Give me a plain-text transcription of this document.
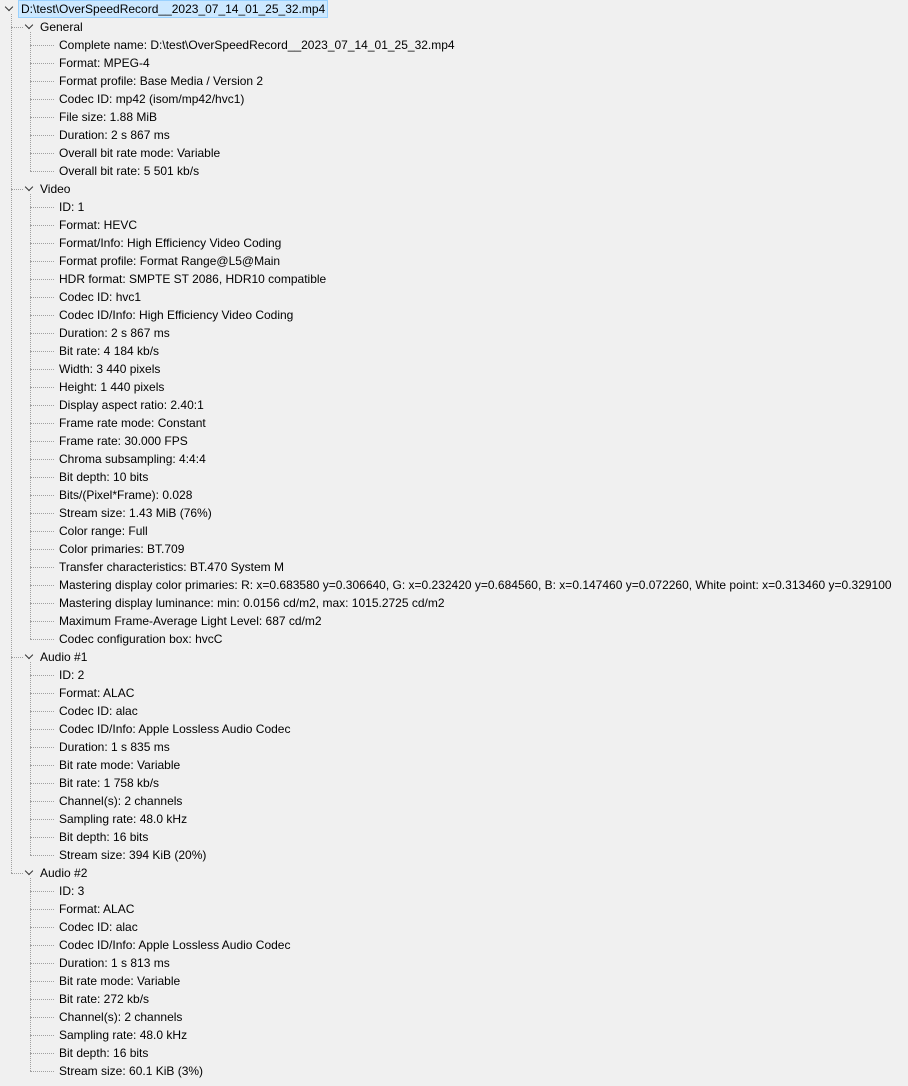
D:\test\OverSpeedRecord__2023_07_14_01_25_32.mp4
General
Complete name: D:\test\OverSpeedRecord__2023_07_14_01_25_32.mp4
Format: MPEG-4
Format profile: Base Media / Version 2
Codec ID: mp42 (isom/mp42/hvc1)
File size: 1.88 MiB
Duration: 2 s 867 ms
Overall bit rate mode: Variable
Overall bit rate: 5 501 kb/s
Video
ID: 1
Format: HEVC
Format/Info: High Efficiency Video Coding
Format profile: Format Range@L5@Main
HDR format: SMPTE ST 2086, HDR10 compatible
Codec ID: hvc1
Codec ID/Info: High Efficiency Video Coding
Duration: 2 s 867 ms
Bit rate: 4 184 kb/s
Width: 3 440 pixels
Height: 1 440 pixels
Display aspect ratio: 2.40:1
Frame rate mode: Constant
Frame rate: 30.000 FPS
Chroma subsampling: 4:4:4
Bit depth: 10 bits
Bits/(Pixel*Frame): 0.028
Stream size: 1.43 MiB (76%)
Color range: Full
Color primaries: BT.709
Transfer characteristics: BT.470 System M
Mastering display color primaries: R: x=0.683580 y=0.306640, G: x=0.232420 y=0.684560, B: x=0.147460 y=0.072260, White point: x=0.313460 y=0.329100
Mastering display luminance: min: 0.0156 cd/m2, max: 1015.2725 cd/m2
Maximum Frame-Average Light Level: 687 cd/m2
Codec configuration box: hvcC
Audio #1
ID: 2
Format: ALAC
Codec ID: alac
Codec ID/Info: Apple Lossless Audio Codec
Duration: 1 s 835 ms
Bit rate mode: Variable
Bit rate: 1 758 kb/s
Channel(s): 2 channels
Sampling rate: 48.0 kHz
Bit depth: 16 bits
Stream size: 394 KiB (20%)
Audio #2
ID: 3
Format: ALAC
Codec ID: alac
Codec ID/Info: Apple Lossless Audio Codec
Duration: 1 s 813 ms
Bit rate mode: Variable
Bit rate: 272 kb/s
Channel(s): 2 channels
Sampling rate: 48.0 kHz
Bit depth: 16 bits
Stream size: 60.1 KiB (3%)
